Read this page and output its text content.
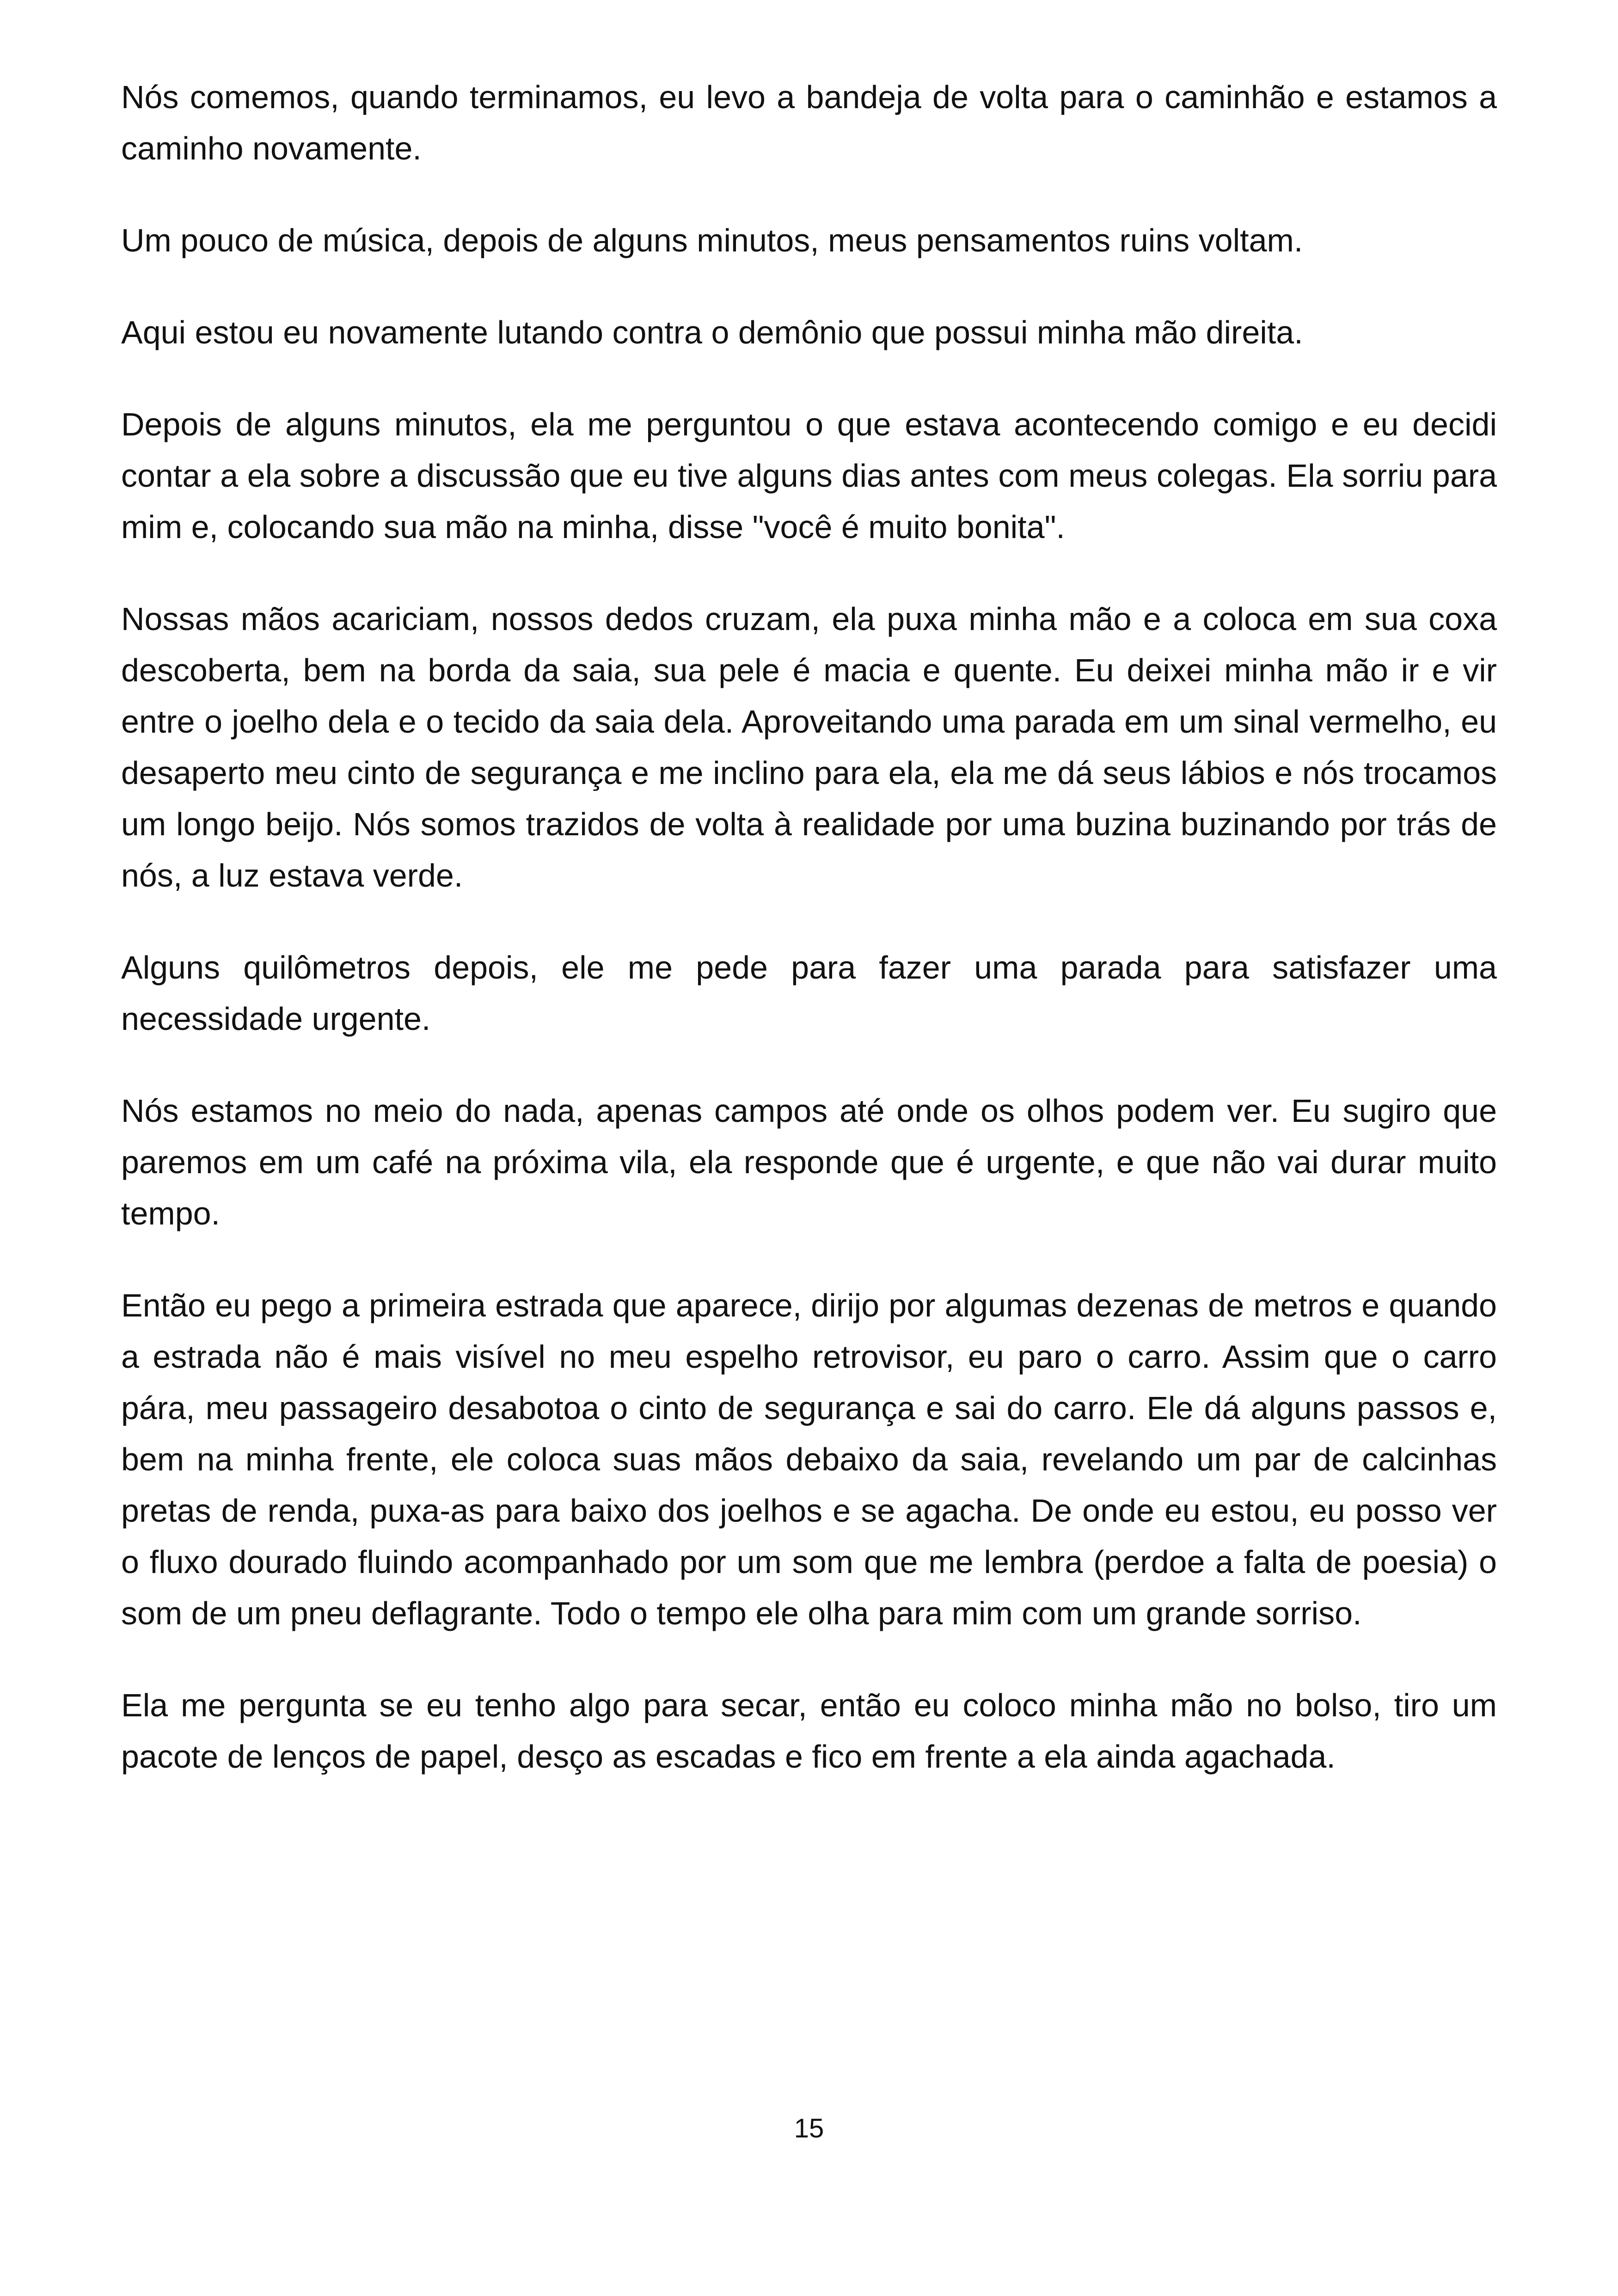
Nós comemos, quando terminamos, eu levo a bandeja de volta para o caminhão e estamos a caminho novamente.

Um pouco de música, depois de alguns minutos, meus pensamentos ruins voltam.

Aqui estou eu novamente lutando contra o demônio que possui minha mão direita.

Depois de alguns minutos, ela me perguntou o que estava acontecendo comigo e eu decidi contar a ela sobre a discussão que eu tive alguns dias antes com meus colegas. Ela sorriu para mim e, colocando sua mão na minha, disse "você é muito bonita".

Nossas mãos acariciam, nossos dedos cruzam, ela puxa minha mão e a coloca em sua coxa descoberta, bem na borda da saia, sua pele é macia e quente. Eu deixei minha mão ir e vir entre o joelho dela e o tecido da saia dela. Aproveitando uma parada em um sinal vermelho, eu desaperto meu cinto de segurança e me inclino para ela, ela me dá seus lábios e nós trocamos um longo beijo. Nós somos trazidos de volta à realidade por uma buzina buzinando por trás de nós, a luz estava verde.

Alguns quilômetros depois, ele me pede para fazer uma parada para satisfazer uma necessidade urgente.

Nós estamos no meio do nada, apenas campos até onde os olhos podem ver. Eu sugiro que paremos em um café na próxima vila, ela responde que é urgente, e que não vai durar muito tempo.

Então eu pego a primeira estrada que aparece, dirijo por algumas dezenas de metros e quando a estrada não é mais visível no meu espelho retrovisor, eu paro o carro. Assim que o carro pára, meu passageiro desabotoa o cinto de segurança e sai do carro. Ele dá alguns passos e, bem na minha frente, ele coloca suas mãos debaixo da saia, revelando um par de calcinhas pretas de renda, puxa-as para baixo dos joelhos e se agacha. De onde eu estou, eu posso ver o fluxo dourado fluindo acompanhado por um som que me lembra (perdoe a falta de poesia) o som de um pneu deflagrante. Todo o tempo ele olha para mim com um grande sorriso.

Ela me pergunta se eu tenho algo para secar, então eu coloco minha mão no bolso, tiro um pacote de lenços de papel, desço as escadas e fico em frente a ela ainda agachada.

15
